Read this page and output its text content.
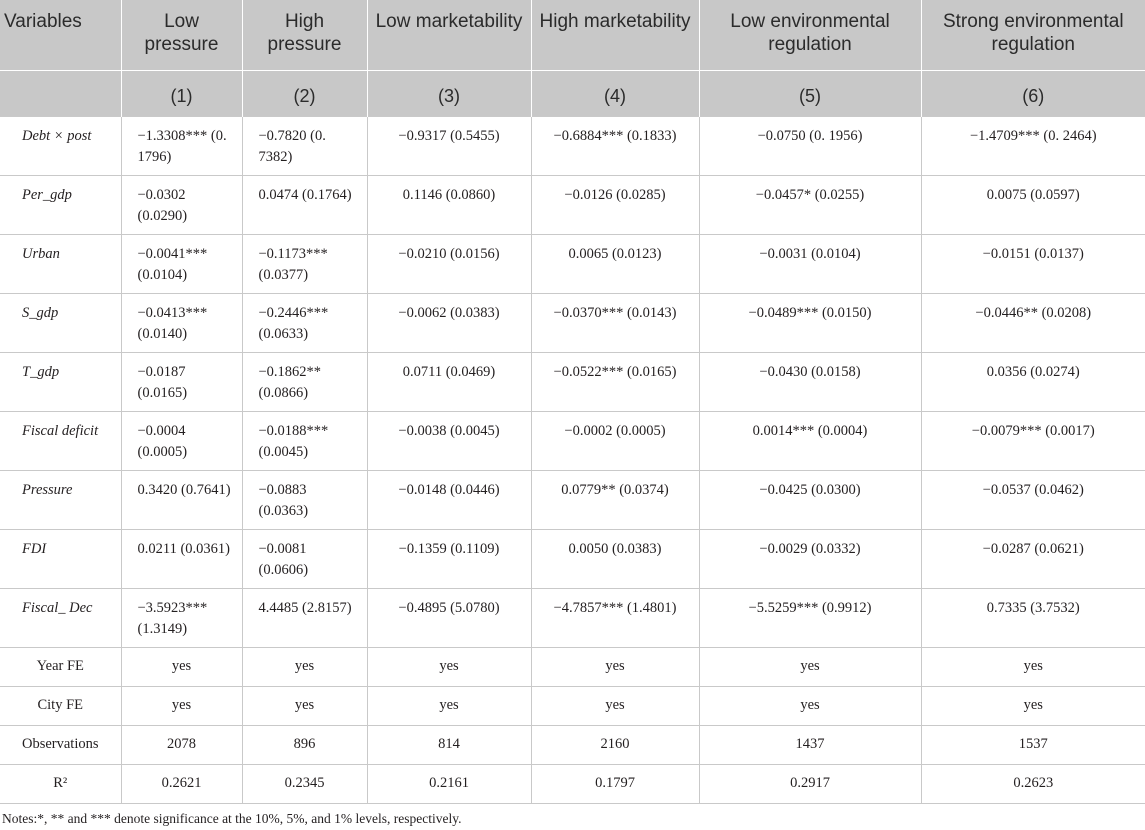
Variables	Low pressure	High pressure	Low marketability	High marketability	Low environmental regulation	Strong environmental regulation
	(1)	(2)	(3)	(4)	(5)	(6)
Debt × post	−1.3308*** (0. 1796)	−0.7820 (0. 7382)	−0.9317 (0.5455)	−0.6884*** (0.1833)	−0.0750 (0. 1956)	−1.4709*** (0. 2464)
Per_gdp	−0.0302 (0.0290)	0.0474 (0.1764)	0.1146 (0.0860)	−0.0126 (0.0285)	−0.0457* (0.0255)	0.0075 (0.0597)
Urban	−0.0041*** (0.0104)	−0.1173*** (0.0377)	−0.0210 (0.0156)	0.0065 (0.0123)	−0.0031 (0.0104)	−0.0151 (0.0137)
S_gdp	−0.0413*** (0.0140)	−0.2446*** (0.0633)	−0.0062 (0.0383)	−0.0370*** (0.0143)	−0.0489*** (0.0150)	−0.0446** (0.0208)
T_gdp	−0.0187 (0.0165)	−0.1862** (0.0866)	0.0711 (0.0469)	−0.0522*** (0.0165)	−0.0430 (0.0158)	0.0356 (0.0274)
Fiscal deficit	−0.0004 (0.0005)	−0.0188*** (0.0045)	−0.0038 (0.0045)	−0.0002 (0.0005)	0.0014*** (0.0004)	−0.0079*** (0.0017)
Pressure	0.3420 (0.7641)	−0.0883 (0.0363)	−0.0148 (0.0446)	0.0779** (0.0374)	−0.0425 (0.0300)	−0.0537 (0.0462)
FDI	0.0211 (0.0361)	−0.0081 (0.0606)	−0.1359 (0.1109)	0.0050 (0.0383)	−0.0029 (0.0332)	−0.0287 (0.0621)
Fiscal_ Dec	−3.5923*** (1.3149)	4.4485 (2.8157)	−0.4895 (5.0780)	−4.7857*** (1.4801)	−5.5259*** (0.9912)	0.7335 (3.7532)
Year FE	yes	yes	yes	yes	yes	yes
City FE	yes	yes	yes	yes	yes	yes
Observations	2078	896	814	2160	1437	1537
R²	0.2621	0.2345	0.2161	0.1797	0.2917	0.2623
Notes:*, ** and *** denote significance at the 10%, 5%, and 1% levels, respectively.
